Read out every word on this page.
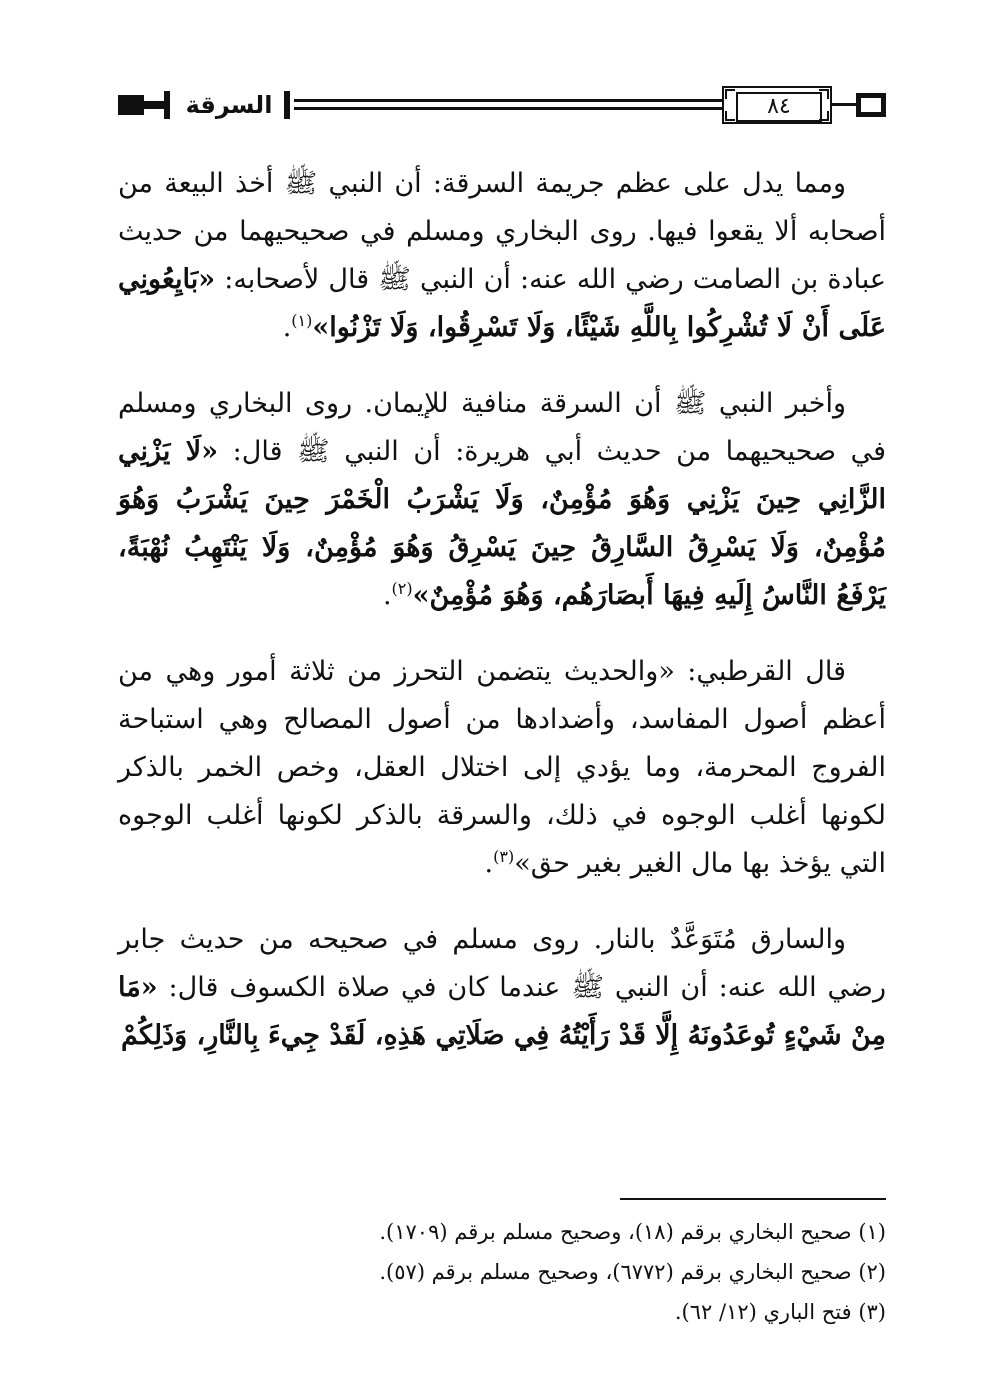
السرقة	٨٤

ومما يدل على عظم جريمة السرقة: أن النبي ﷺ أخذ البيعة من أصحابه ألا يقعوا فيها. روى البخاري ومسلم في صحيحيهما من حديث عبادة بن الصامت رضي الله عنه: أن النبي ﷺ قال لأصحابه: «بَايِعُونِي عَلَى أَنْ لَا تُشْرِكُوا بِاللَّهِ شَيْئًا، وَلَا تَسْرِقُوا، وَلَا تَزْنُوا»$^{(١)}$.

وأخبر النبي ﷺ أن السرقة منافية للإيمان. روى البخاري ومسلم في صحيحيهما من حديث أبي هريرة: أن النبي ﷺ قال: «لَا يَزْنِي الزَّانِي حِينَ يَزْنِي وَهُوَ مُؤْمِنٌ، وَلَا يَشْرَبُ الْخَمْرَ حِينَ يَشْرَبُ وَهُوَ مُؤْمِنٌ، وَلَا يَسْرِقُ السَّارِقُ حِينَ يَسْرِقُ وَهُوَ مُؤْمِنٌ، وَلَا يَنْتَهِبُ نُهْبَةً، يَرْفَعُ النَّاسُ إِلَيهِ فِيهَا أَبصَارَهُم، وَهُوَ مُؤْمِنٌ»$^{(٢)}$.

قال القرطبي: «والحديث يتضمن التحرز من ثلاثة أمور وهي من أعظم أصول المفاسد، وأضدادها من أصول المصالح وهي استباحة الفروج المحرمة، وما يؤدي إلى اختلال العقل، وخص الخمر بالذكر لكونها أغلب الوجوه في ذلك، والسرقة بالذكر لكونها أغلب الوجوه التي يؤخذ بها مال الغير بغير حق»$^{(٣)}$.

والسارق مُتَوَعَّدٌ بالنار. روى مسلم في صحيحه من حديث جابر رضي الله عنه: أن النبي ﷺ عندما كان في صلاة الكسوف قال: «مَا مِنْ شَيْءٍ تُوعَدُونَهُ إِلَّا قَدْ رَأَيْتُهُ فِي صَلَاتِي هَذِهِ، لَقَدْ جِيءَ بِالنَّارِ، وَذَلِكُمْ

(١) صحيح البخاري برقم (١٨)، وصحيح مسلم برقم (١٧٠٩).
(٢) صحيح البخاري برقم (٦٧٧٢)، وصحيح مسلم برقم (٥٧).
(٣) فتح الباري (١٢/ ٦٢).
